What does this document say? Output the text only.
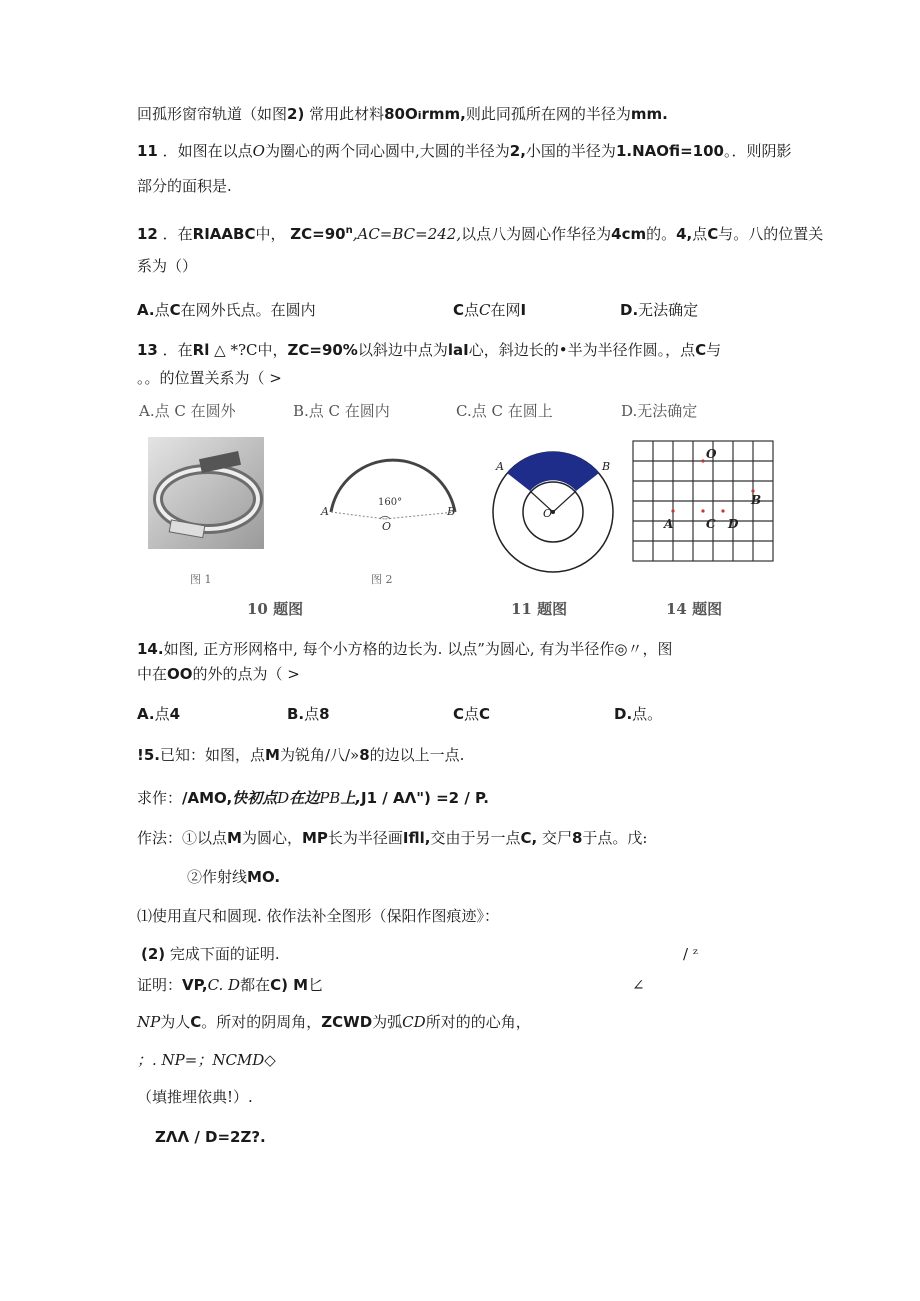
回孤形窗帘轨道（如图2) 常用此材料80Oirmm,则此同孤所在网的半径为mm.
11 ．如图在以点O为圈心的两个同心圆中,大圆的半径为2,小国的半径为1.NAOfi=100。．则阴影
部分的面积是.
12 ．在RIAABC中， $ZC=90^n,AC=BC=242$,以点八为圆心作华径为4cm的。4,点C与。八的位置关
系为（）
A.点C在网外氏点。在圆内	C点C在网I	D.无法确定
13 ．在Rl △ *?C中，ZC=90%以斜边中点为laI心，斜边长的•半为半径作圆。，点C与
。。的位置关系为（ >
A.点 C 在圆外	B.点 C 在圆内	C.点 C 在圆上	D.无法确定
图 1
160°
A	B
O
图 2
A	B
O
O
B
A	C D
10 题图	11 题图	14 题图
14.如图, 正方形网格中, 每个小方格的边长为. 以点”为圆心, 有为半径作◎〃，图
中在OO的外的点为（ >
A.点4	B.点8	C点C	D.点。
!5.已知：如图，点M为锐角/八/»8的边以上一点.
求作：/AMO,快初点D在边PB上,J1 / AΛ") =2 / P.
作法：①以点M为圆心，MP长为半径画Ifll,交由于另一点C, 交尸8于点。戊:
②作射线MO.
⑴使用直尺和圆现. 依作法补全图形（保阳作图痕迹》：
(2) 完成下面的证明.	/ ᶻ
证明：VP,C. D都在C) M匕	∠
NP为人C。所对的阴周角，ZCWD为弧CD所对的的心角，
；. NP=；NCMD◇
（填推埋依典!）.
ZΛΛ / D=2Z?.
